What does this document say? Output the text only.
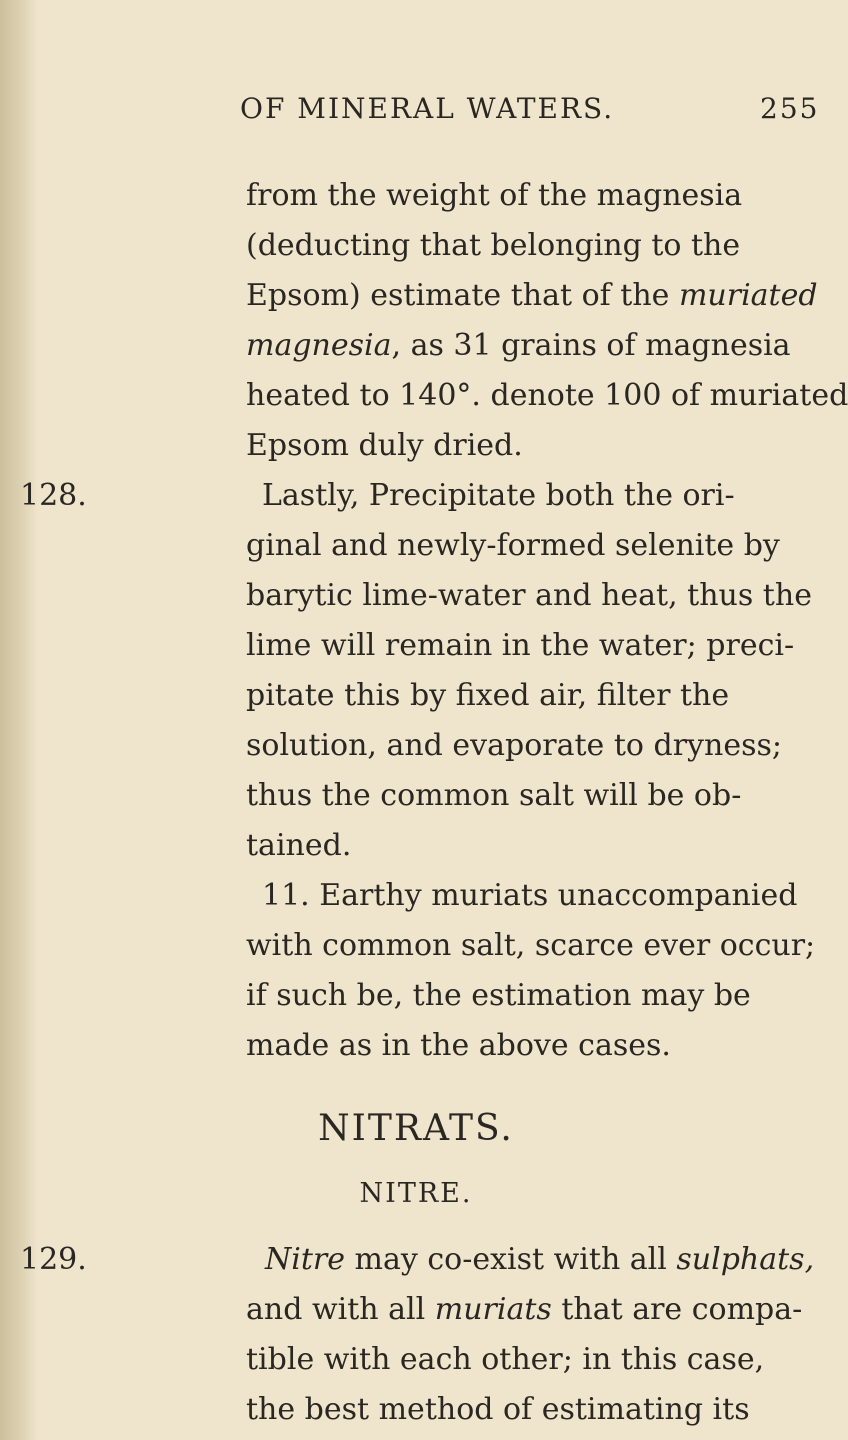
OF MINERAL WATERS.	255
from the weight of the magnesia
(deducting that belonging to the
Epsom) estimate that of the muriated
magnesia, as 31 grains of magnesia
heated to 140°. denote 100 of muriated
Epsom duly dried.
128.	Lastly, Precipitate both the ori-
ginal and newly-formed selenite by
barytic lime-water and heat, thus the
lime will remain in the water; preci-
pitate this by fixed air, filter the
solution, and evaporate to dryness;
thus the common salt will be ob-
tained.
11. Earthy muriats unaccompanied
with common salt, scarce ever occur;
if such be, the estimation may be
made as in the above cases.
NITRATS.
NITRE.
129.	Nitre may co-exist with all sulphats,
and with all muriats that are compa-
tible with each other; in this case,
the best method of estimating its
